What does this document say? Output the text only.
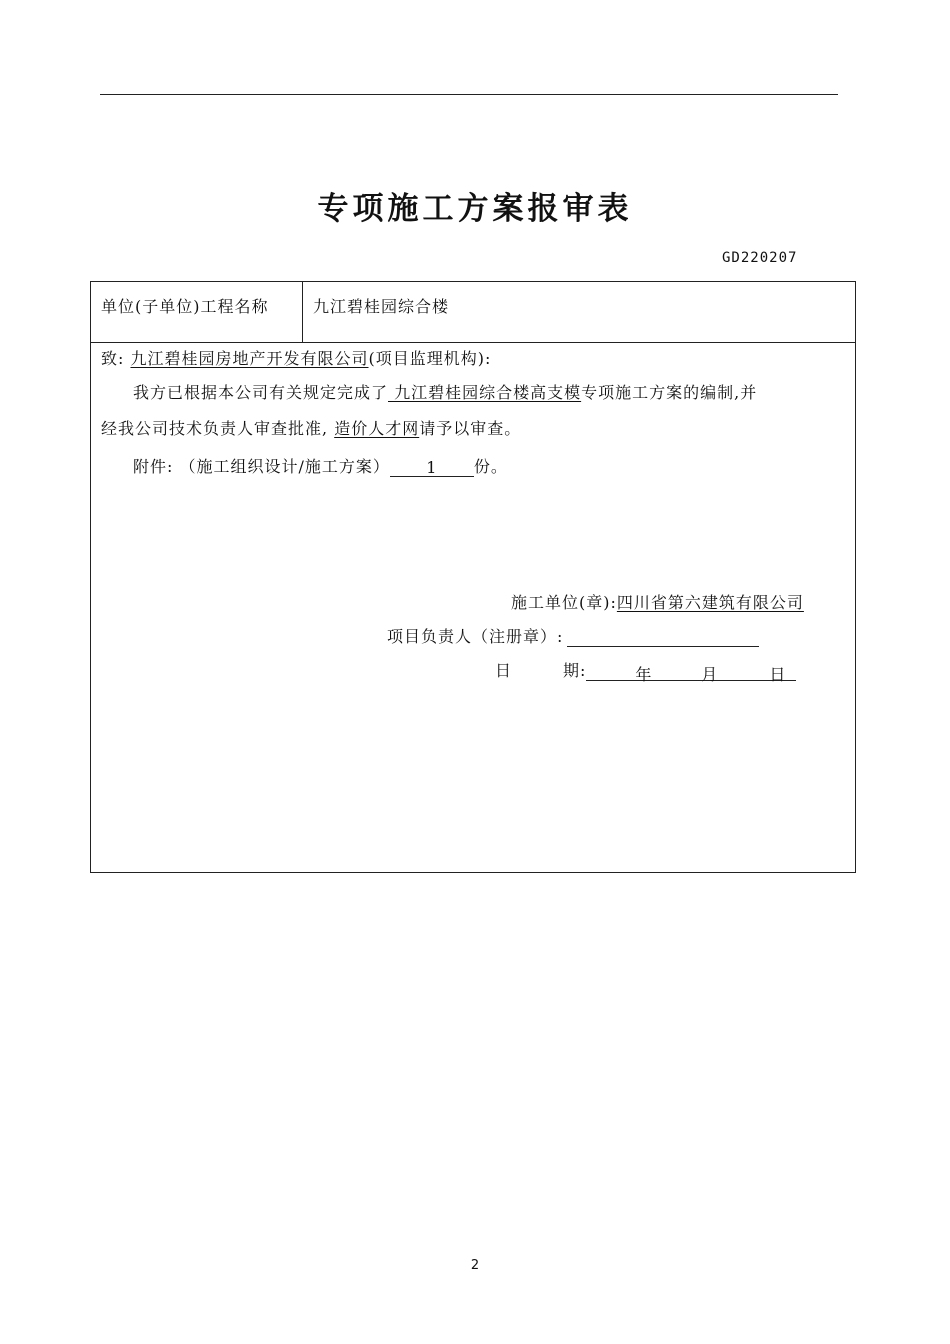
专项施工方案报审表
GD220207
单位(子单位)工程名称	九江碧桂园综合楼
致: 九江碧桂园房地产开发有限公司(项目监理机构):
我方已根据本公司有关规定完成了 九江碧桂园综合楼高支模专项施工方案的编制,并
经我公司技术负责人审查批准, 造价人才网请予以审查。
附件: （施工组织设计/施工方案） 1 份。
施工单位(章):四川省第六建筑有限公司
项目负责人（注册章）:
日　　　期:	年	月	日
2
